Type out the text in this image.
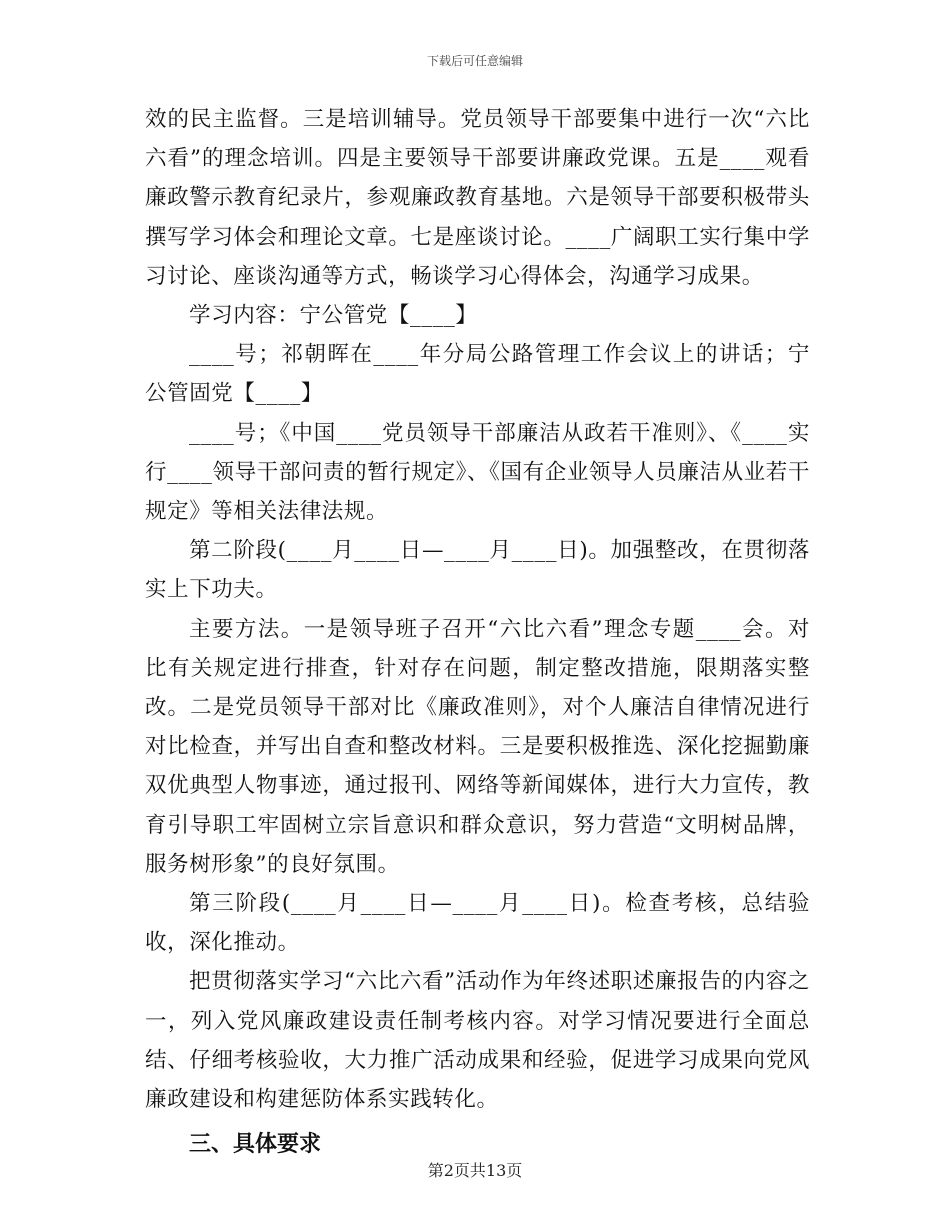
下载后可任意编辑

效的民主监督。三是培训辅导。党员领导干部要集中进行一次“六比六看”的理念培训。四是主要领导干部要讲廉政党课。五是____观看廉政警示教育纪录片，参观廉政教育基地。六是领导干部要积极带头撰写学习体会和理论文章。七是座谈讨论。____广阔职工实行集中学习讨论、座谈沟通等方式，畅谈学习心得体会，沟通学习成果。

学习内容：宁公管党【____】

____号；祁朝晖在____年分局公路管理工作会议上的讲话；宁公管固党【____】

____号；《中国____党员领导干部廉洁从政若干准则》、《____实行____领导干部问责的暂行规定》、《国有企业领导人员廉洁从业若干规定》等相关法律法规。

第二阶段(____月____日—____月____日)。加强整改，在贯彻落实上下功夫。

主要方法。一是领导班子召开“六比六看”理念专题____会。对比有关规定进行排查，针对存在问题，制定整改措施，限期落实整改。二是党员领导干部对比《廉政准则》，对个人廉洁自律情况进行对比检查，并写出自查和整改材料。三是要积极推选、深化挖掘勤廉双优典型人物事迹，通过报刊、网络等新闻媒体，进行大力宣传，教育引导职工牢固树立宗旨意识和群众意识，努力营造“文明树品牌，服务树形象”的良好氛围。

第三阶段(____月____日—____月____日)。检查考核，总结验收，深化推动。

把贯彻落实学习“六比六看”活动作为年终述职述廉报告的内容之一，列入党风廉政建设责任制考核内容。对学习情况要进行全面总结、仔细考核验收，大力推广活动成果和经验，促进学习成果向党风廉政建设和构建惩防体系实践转化。

三、具体要求

第2页共13页
